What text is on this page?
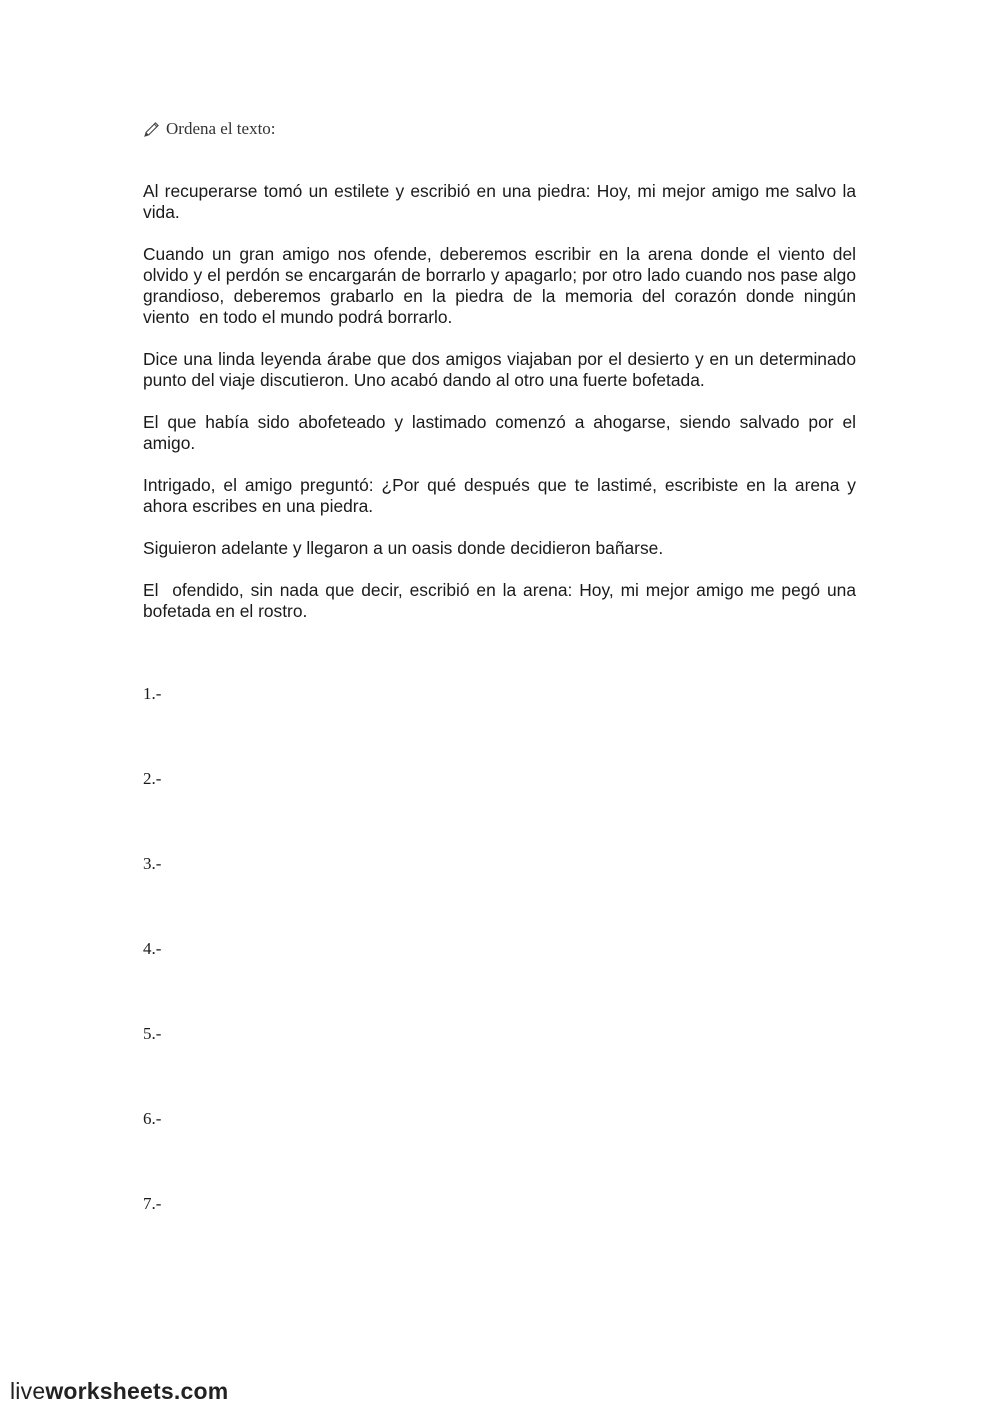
Ordena el texto:

Al recuperarse tomó un estilete y escribió en una piedra: Hoy, mi mejor amigo me salvo la vida.

Cuando un gran amigo nos ofende, deberemos escribir en la arena donde el viento del olvido y el perdón se encargarán de borrarlo y apagarlo; por otro lado cuando nos pase algo grandioso, deberemos grabarlo en la piedra de la memoria del corazón donde ningún  viento  en todo el mundo podrá borrarlo.

Dice una linda leyenda árabe que dos amigos viajaban por el desierto y en un determinado punto del viaje discutieron. Uno acabó dando al otro una fuerte bofetada.

El que había sido abofeteado y lastimado comenzó a ahogarse, siendo salvado por el amigo.

Intrigado, el amigo preguntó: ¿Por qué después que te lastimé, escribiste en la arena y ahora escribes en una piedra.

Siguieron adelante y llegaron a un oasis donde decidieron bañarse.

El  ofendido, sin nada que decir, escribió en la arena: Hoy, mi mejor amigo me pegó una bofetada en el rostro.

1.-
2.-
3.-
4.-
5.-
6.-
7.-
liveworksheets.com
